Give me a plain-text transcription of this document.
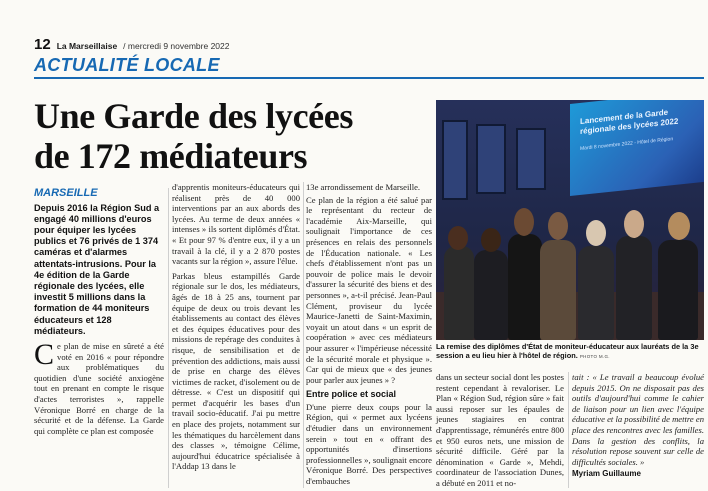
12 La Marseillaise / mercredi 9 novembre 2022
ACTUALITÉ LOCALE
Une Garde des lycées
de 172 médiateurs
MARSEILLE

Depuis 2016 la Région Sud a engagé 40 millions d'euros pour équiper les lycées publics et 76 privés de 1 374 caméras et d'alarmes attentats-intrusions. Pour la 4e édition de la Garde régionale des lycées, elle investit 5 millions dans la formation de 44 moniteurs éducateurs et 128 médiateurs.

Ce plan de mise en sûreté a été voté en 2016 « pour répondre aux problématiques du quotidien d'une société anxiogène tout en prenant en compte le risque d'actes terroristes », rappelle Véronique Borré en charge de la sécurité et de la défense. La Garde qui complète ce plan est composée

d'apprentis moniteurs-éducateurs qui réalisent près de 40 000 interventions par an aux abords des lycées. Au terme de deux années « intenses » ils sortent diplômés d'État. « Et pour 97 % d'entre eux, il y a un travail à la clé, il y a 2 870 postes vacants sur la région », assure l'élue.

Parkas bleus estampillés Garde régionale sur le dos, les médiateurs, âgés de 18 à 25 ans, tournent par équipe de deux ou trois devant les établissements au contact des élèves et des équipes éducatives pour des missions de repérage des conduites à risque, de sensibilisation et de prévention des addictions, mais aussi de prise en charge des élèves victimes de racket, d'isolement ou de détresse. « C'est un dispositif qui permet d'acquérir les bases d'un travail socio-éducatif. J'ai pu mettre en place des projets, notamment sur les thématiques du harcèlement dans des classes », témoigne Célime, aujourd'hui éducatrice spécialisée à l'Addap 13 dans le

13e arrondissement de Marseille.

Ce plan de la région a été salué par le représentant du recteur de l'académie Aix-Marseille, qui soulignait l'importance de ces présences en relais des personnels de l'Éducation nationale. « Les chefs d'établissement n'ont pas un pouvoir de police mais le devoir d'assurer la sécurité des biens et des personnes », a-t-il précisé. Jean-Paul Clément, proviseur du lycée Maurice-Janetti de Saint-Maximin, voyait un atout dans « un esprit de coopération » avec ces médiateurs pour assurer « l'impérieuse nécessité de la sécurité morale et physique ». Car qui de mieux que « des jeunes pour parler aux jeunes » ?

Entre police et social

D'une pierre deux coups pour la Région, qui « permet aux lycéens d'étudier dans un environnement serein » tout en « offrant des opportunités d'insertions professionnelles », soulignait encore Véronique Borré. Des perspectives d'embauches

Lancement de la Garde régionale des lycées 2022
Mardi 8 novembre 2022 - Hôtel de Région
La remise des diplômes d'État de moniteur-éducateur aux lauréats de la 3e session a eu lieu hier à l'hôtel de région. PHOTO M.G.

dans un secteur social dont les postes restent cependant à revaloriser. Le Plan « Région Sud, région sûre » fait aussi reposer sur les épaules de jeunes stagiaires en contrat d'apprentissage, rémunérés entre 800 et 950 euros nets, une mission de sécurité difficile. Géré par la dénomination « Garde », Mehdi, coordinateur de l'association Dunes, a débuté en 2011 et no-

tait : « Le travail a beaucoup évolué depuis 2015. On ne disposait pas des outils d'aujourd'hui comme le cahier de liaison pour un lien avec l'équipe éducative et la possibilité de mettre en place des rencontres avec les familles. Dans la gestion des conflits, la résolution repose souvent sur celle de difficultés sociales. »

Myriam Guillaume
